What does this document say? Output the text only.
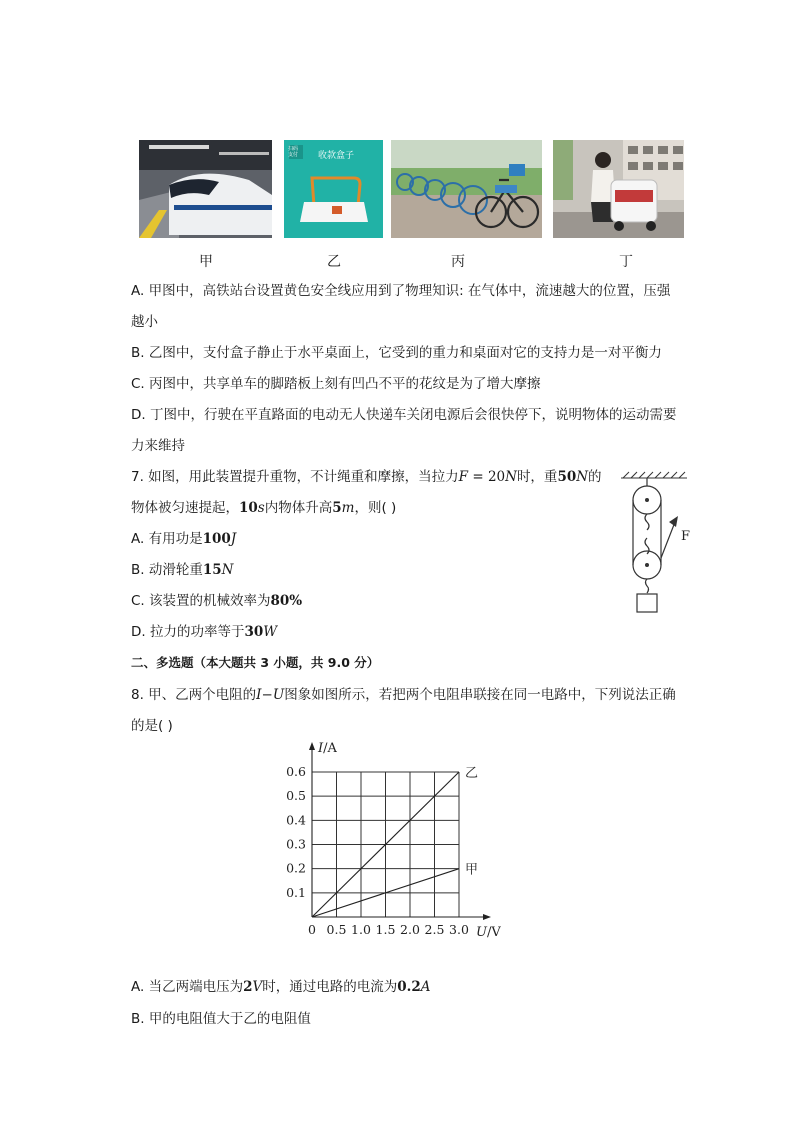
扫码支付	收款盒子
甲	乙	丙	丁
A. 甲图中，高铁站台设置黄色安全线应用到了物理知识: 在气体中，流速越大的位置，压强
越小
B. 乙图中，支付盒子静止于水平桌面上，它受到的重力和桌面对它的支持力是一对平衡力
C. 丙图中，共享单车的脚踏板上刻有凹凸不平的花纹是为了增大摩擦
D. 丁图中，行驶在平直路面的电动无人快递车关闭电源后会很快停下，说明物体的运动需要
力来维持
7. 如图，用此装置提升重物，不计绳重和摩擦，当拉力F = 20N时，重50N的
物体被匀速提起，10s内物体升高5m，则( )
A. 有用功是100J
B. 动滑轮重15N
C. 该装置的机械效率为80%
D. 拉力的功率等于30W
F
二、多选题（本大题共 3 小题，共 9.0 分）
8. 甲、乙两个电阻的I−U图象如图所示，若把两个电阻串联接在同一电路中，下列说法正确
的是( )
乙
甲
0 0.5 1.0 1.5 2.0 2.5 3.0
0.1
0.2
0.3
0.4
0.5
0.6
I/A
U/V
A. 当乙两端电压为2V时，通过电路的电流为0.2A
B. 甲的电阻值大于乙的电阻值
